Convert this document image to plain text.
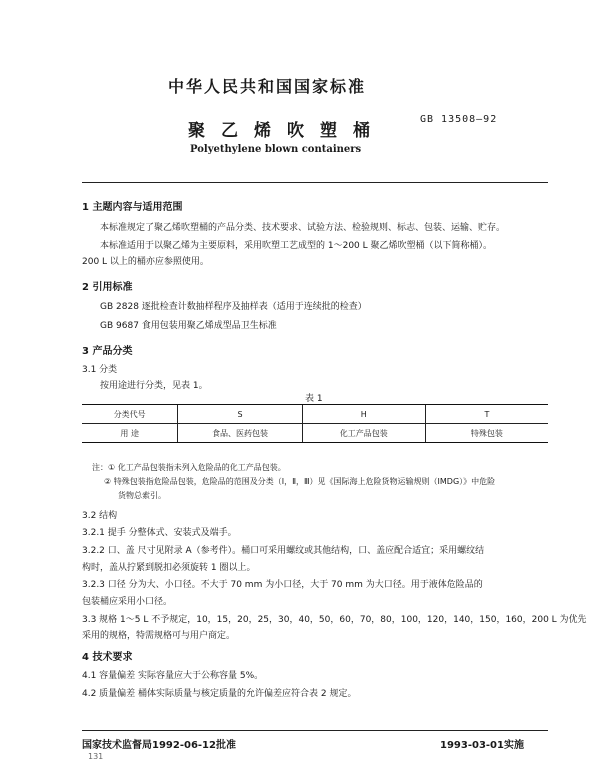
中华人民共和国国家标准
GB 13508—92
聚乙烯吹塑桶
Polyethylene blown containers
1 主题内容与适用范围
本标准规定了聚乙烯吹塑桶的产品分类、技术要求、试验方法、检验规则、标志、包装、运输、贮存。
本标准适用于以聚乙烯为主要原料，采用吹塑工艺成型的 1～200 L 聚乙烯吹塑桶（以下简称桶）。
200 L 以上的桶亦应参照使用。
2 引用标准
GB 2828 逐批检查计数抽样程序及抽样表（适用于连续批的检查）
GB 9687 食用包装用聚乙烯成型品卫生标准
3 产品分类
3.1 分类
按用途进行分类，见表 1。
表 1
分类代号	S	H	T
用 途	食品、医药包装	化工产品包装	特殊包装
注：① 化工产品包装指未列入危险品的化工产品包装。
② 特殊包装指危险品包装，危险品的范围及分类（Ⅰ，Ⅱ，Ⅲ）见《国际海上危险货物运输规则（IMDG）》中危险
货物总索引。
3.2 结构
3.2.1 提手 分整体式、安装式及端手。
3.2.2 口、盖 尺寸见附录 A（参考件）。桶口可采用螺纹或其他结构，口、盖应配合适宜；采用螺纹结
构时，盖从拧紧到脱扣必须旋转 1 圈以上。
3.2.3 口径 分为大、小口径。不大于 70 mm 为小口径，大于 70 mm 为大口径。用于液体危险品的
包装桶应采用小口径。
3.3 规格 1～5 L 不予规定，10，15，20，25，30，40，50，60，70，80，100，120，140，150，160，200 L 为优先
采用的规格，特需规格可与用户商定。
4 技术要求
4.1 容量偏差 实际容量应大于公称容量 5%。
4.2 质量偏差 桶体实际质量与核定质量的允许偏差应符合表 2 规定。
国家技术监督局1992-06-12批准	1993-03-01实施
131
